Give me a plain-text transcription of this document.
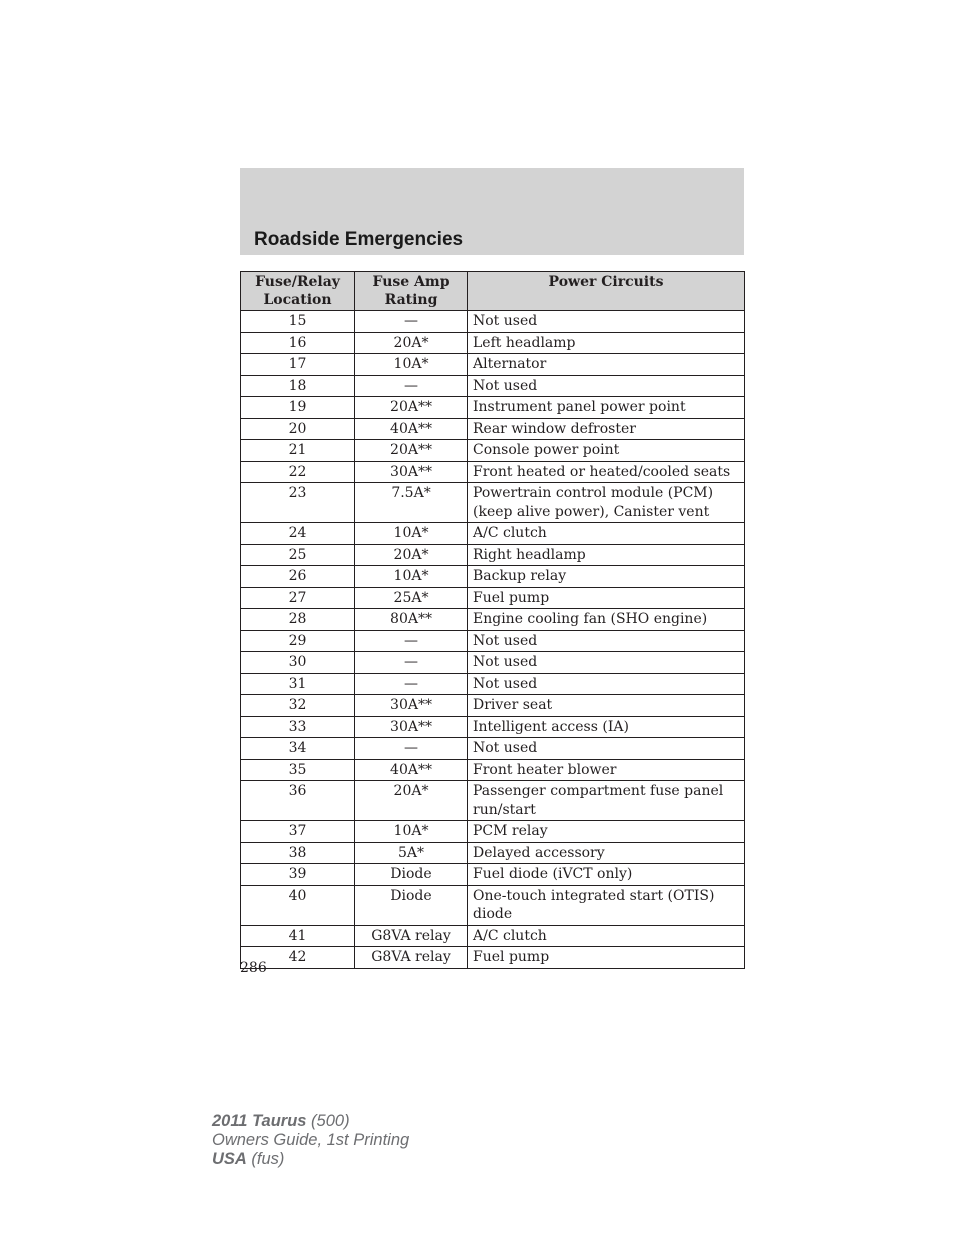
Roadside Emergencies
Fuse/Relay Location	Fuse Amp Rating	Power Circuits
15	—	Not used
16	20A*	Left headlamp
17	10A*	Alternator
18	—	Not used
19	20A**	Instrument panel power point
20	40A**	Rear window defroster
21	20A**	Console power point
22	30A**	Front heated or heated/cooled seats
23	7.5A*	Powertrain control module (PCM) (keep alive power), Canister vent
24	10A*	A/C clutch
25	20A*	Right headlamp
26	10A*	Backup relay
27	25A*	Fuel pump
28	80A**	Engine cooling fan (SHO engine)
29	—	Not used
30	—	Not used
31	—	Not used
32	30A**	Driver seat
33	30A**	Intelligent access (IA)
34	—	Not used
35	40A**	Front heater blower
36	20A*	Passenger compartment fuse panel run/start
37	10A*	PCM relay
38	5A*	Delayed accessory
39	Diode	Fuel diode (iVCT only)
40	Diode	One-touch integrated start (OTIS) diode
41	G8VA relay	A/C clutch
42	G8VA relay	Fuel pump
286
2011 Taurus (500)
Owners Guide, 1st Printing
USA (fus)
